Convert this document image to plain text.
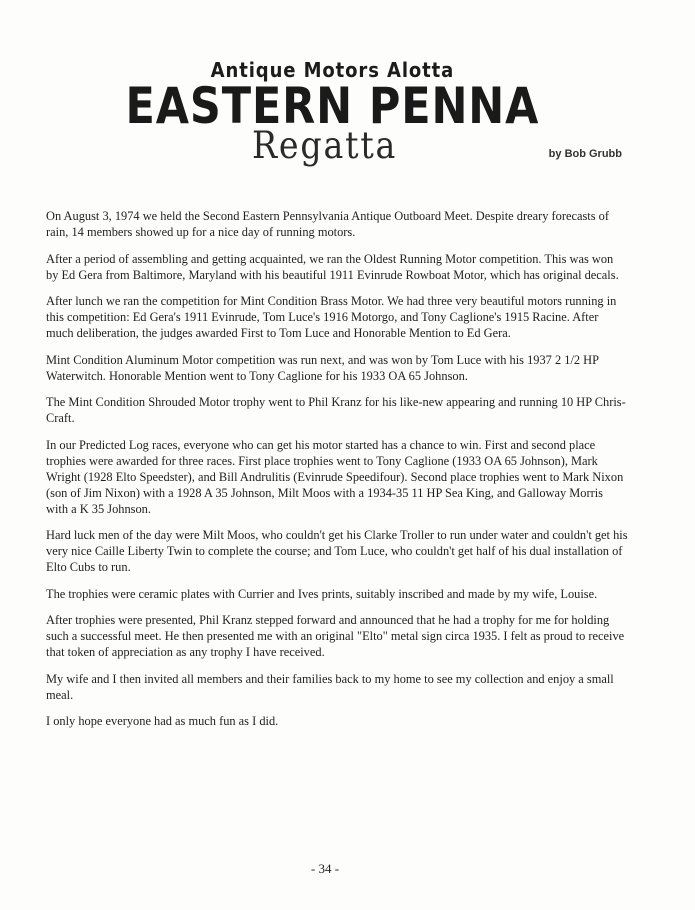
Antique Motors Alotta
EASTERN PENNA
Regatta	by Bob Grubb

On August 3, 1974 we held the Second Eastern Pennsylvania Antique Outboard Meet. Despite dreary forecasts of rain, 14 members showed up for a nice day of running motors.

After a period of assembling and getting acquainted, we ran the Oldest Running Motor competition. This was won by Ed Gera from Baltimore, Maryland with his beautiful 1911 Evinrude Rowboat Motor, which has original decals.

After lunch we ran the competition for Mint Condition Brass Motor. We had three very beautiful motors running in this competition: Ed Gera's 1911 Evinrude, Tom Luce's 1916 Motorgo, and Tony Caglione's 1915 Racine. After much deliberation, the judges awarded First to Tom Luce and Honorable Mention to Ed Gera.

Mint Condition Aluminum Motor competition was run next, and was won by Tom Luce with his 1937 2 1/2 HP Waterwitch. Honorable Mention went to Tony Caglione for his 1933 OA 65 Johnson.

The Mint Condition Shrouded Motor trophy went to Phil Kranz for his like-new appearing and running 10 HP Chris-Craft.

In our Predicted Log races, everyone who can get his motor started has a chance to win. First and second place trophies were awarded for three races. First place trophies went to Tony Caglione (1933 OA 65 Johnson), Mark Wright (1928 Elto Speedster), and Bill Andrulitis (Evinrude Speedifour). Second place trophies went to Mark Nixon (son of Jim Nixon) with a 1928 A 35 Johnson, Milt Moos with a 1934-35 11 HP Sea King, and Galloway Morris with a K 35 Johnson.

Hard luck men of the day were Milt Moos, who couldn't get his Clarke Troller to run under water and couldn't get his very nice Caille Liberty Twin to complete the course; and Tom Luce, who couldn't get half of his dual installation of Elto Cubs to run.

The trophies were ceramic plates with Currier and Ives prints, suitably inscribed and made by my wife, Louise.

After trophies were presented, Phil Kranz stepped forward and announced that he had a trophy for me for holding such a successful meet. He then presented me with an original "Elto" metal sign circa 1935. I felt as proud to receive that token of appreciation as any trophy I have received.

My wife and I then invited all members and their families back to my home to see my collection and enjoy a small meal.

I only hope everyone had as much fun as I did.

- 34 -
